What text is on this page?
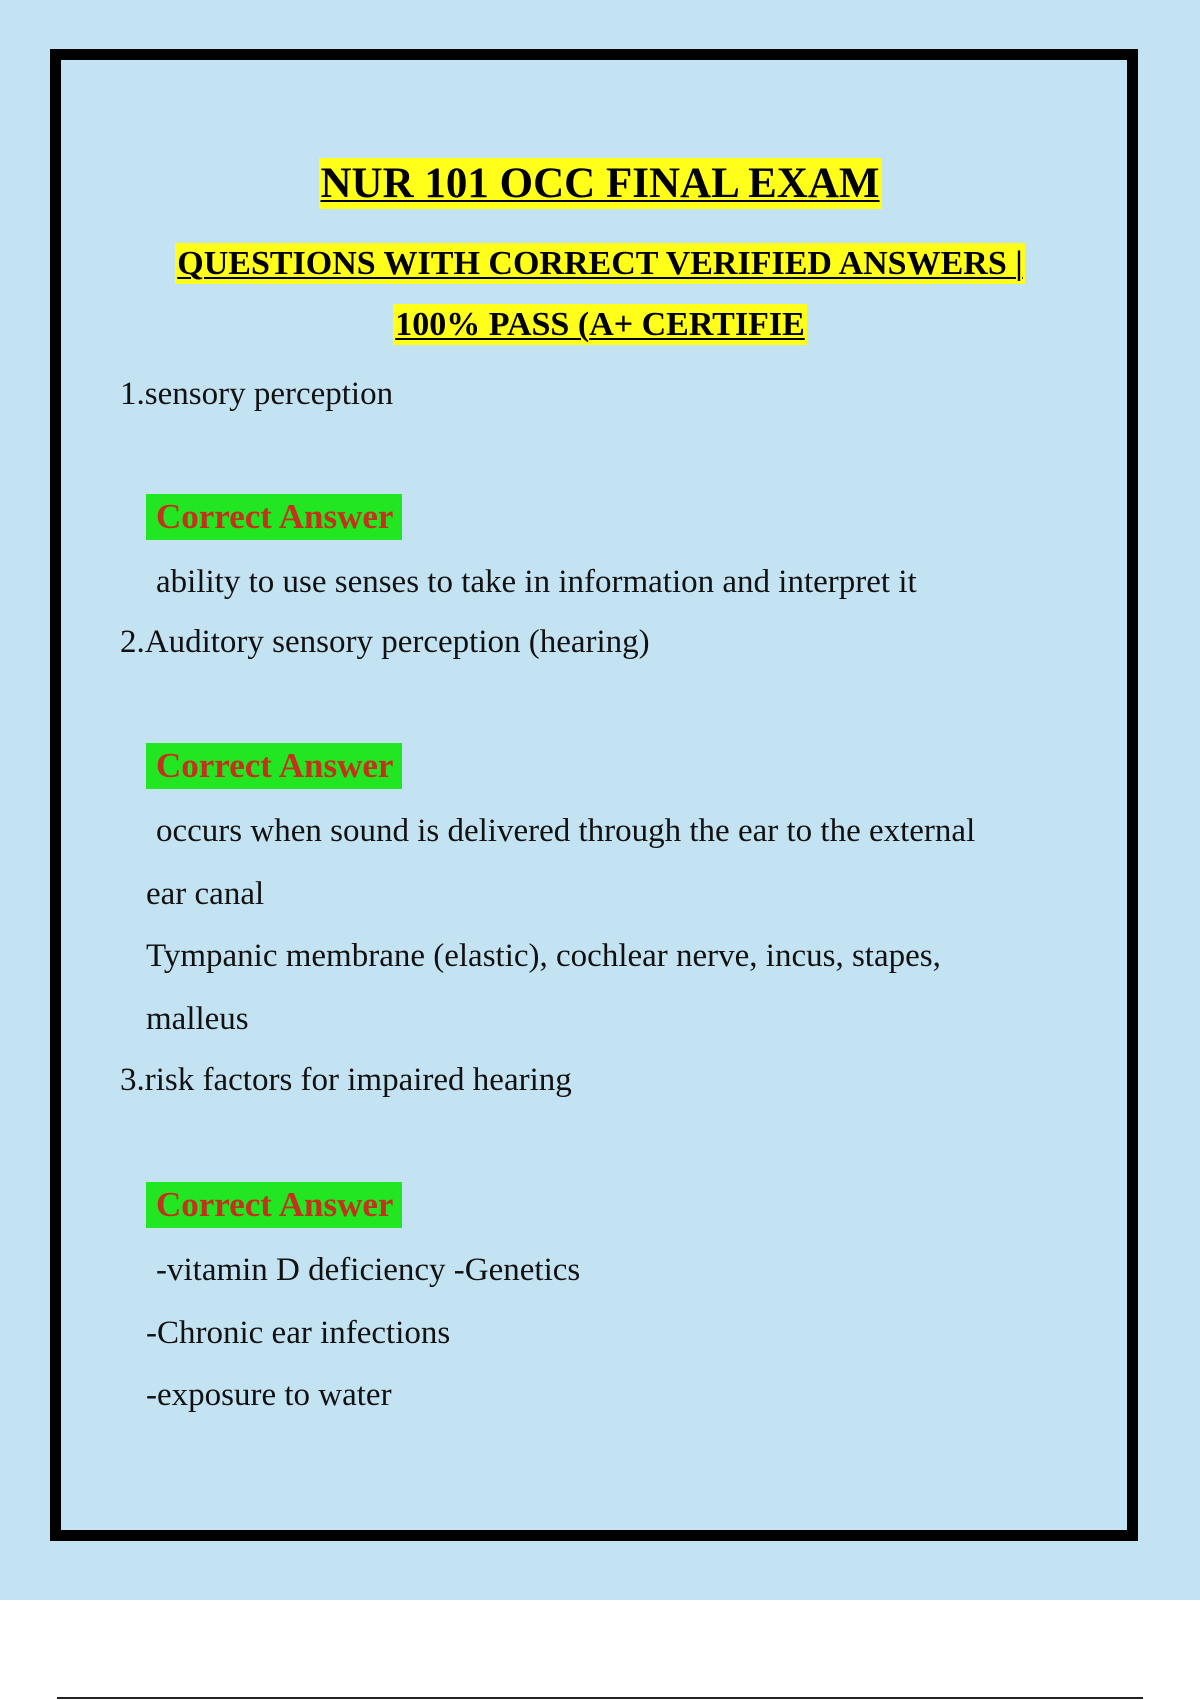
NUR 101 OCC FINAL EXAM
QUESTIONS WITH CORRECT VERIFIED ANSWERS |
100% PASS (A+ CERTIFIE
1.sensory perception
Correct Answer
ability to use senses to take in information and interpret it
2.Auditory sensory perception (hearing)
Correct Answer
occurs when sound is delivered through the ear to the external
ear canal
Tympanic membrane (elastic), cochlear nerve, incus, stapes,
malleus
3.risk factors for impaired hearing
Correct Answer
-vitamin D deficiency -Genetics
-Chronic ear infections
-exposure to water
